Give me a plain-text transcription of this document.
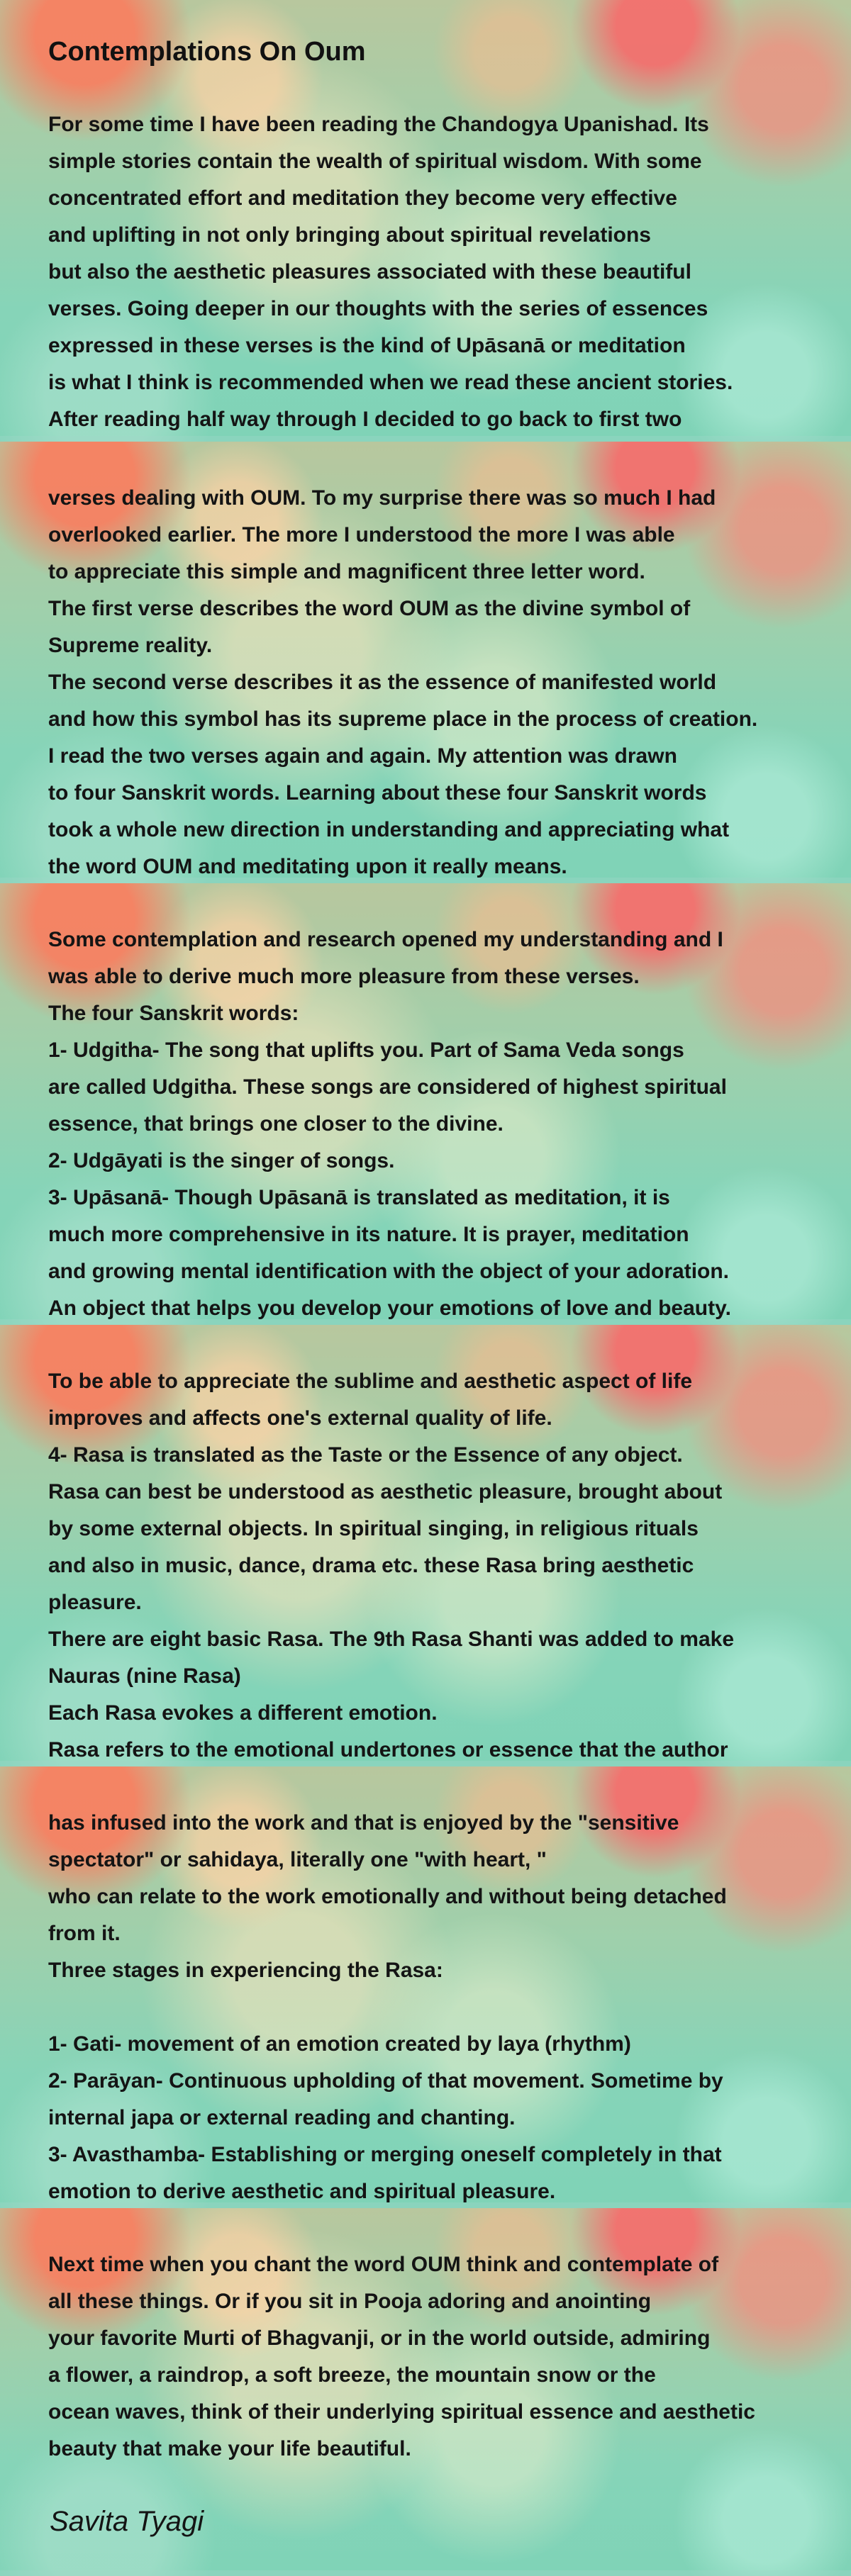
Contemplations On Oum
For some time I have been reading the Chandogya Upanishad. Its
simple stories contain the wealth of spiritual wisdom. With some
concentrated effort and meditation they become very effective
and uplifting in not only bringing about spiritual revelations
but also the aesthetic pleasures associated with these beautiful
verses. Going deeper in our thoughts with the series of essences
expressed in these verses is the kind of Upāsanā or meditation
is what I think is recommended when we read these ancient stories.
After reading half way through I decided to go back to first two
verses dealing with OUM. To my surprise there was so much I had
overlooked earlier. The more I understood the more I was able
to appreciate this simple and magnificent three letter word.
The first verse describes the word OUM as the divine symbol of
Supreme reality.
The second verse describes it as the essence of manifested world
and how this symbol has its supreme place in the process of creation.
I read the two verses again and again. My attention was drawn
to four Sanskrit words. Learning about these four Sanskrit words
took a whole new direction in understanding and appreciating what
the word OUM and meditating upon it really means.
Some contemplation and research opened my understanding and I
was able to derive much more pleasure from these verses.
The four Sanskrit words:
1- Udgitha- The song that uplifts you. Part of Sama Veda songs
are called Udgitha. These songs are considered of highest spiritual
essence, that brings one closer to the divine.
2- Udgāyati is the singer of songs.
3- Upāsanā- Though Upāsanā is translated as meditation, it is
much more comprehensive in its nature. It is prayer, meditation
and growing mental identification with the object of your adoration.
An object that helps you develop your emotions of love and beauty.
To be able to appreciate the sublime and aesthetic aspect of life
improves and affects one's external quality of life.
4- Rasa is translated as the Taste or the Essence of any object.
Rasa can best be understood as aesthetic pleasure, brought about
by some external objects. In spiritual singing, in religious rituals
and also in music, dance, drama etc. these Rasa bring aesthetic
pleasure.
There are eight basic Rasa. The 9th Rasa Shanti was added to make
Nauras (nine Rasa)
Each Rasa evokes a different emotion.
Rasa refers to the emotional undertones or essence that the author
has infused into the work and that is enjoyed by the "sensitive
spectator" or sahidaya, literally one "with heart, "
who can relate to the work emotionally and without being detached
from it.
Three stages in experiencing the Rasa:
1- Gati- movement of an emotion created by laya (rhythm)
2- Parāyan- Continuous upholding of that movement. Sometime by
internal japa or external reading and chanting.
3- Avasthamba- Establishing or merging oneself completely in that
emotion to derive aesthetic and spiritual pleasure.
Next time when you chant the word OUM think and contemplate of
all these things. Or if you sit in Pooja adoring and anointing
your favorite Murti of Bhagvanji, or in the world outside, admiring
a flower, a raindrop, a soft breeze, the mountain snow or the
ocean waves, think of their underlying spiritual essence and aesthetic
beauty that make your life beautiful.
Savita Tyagi
